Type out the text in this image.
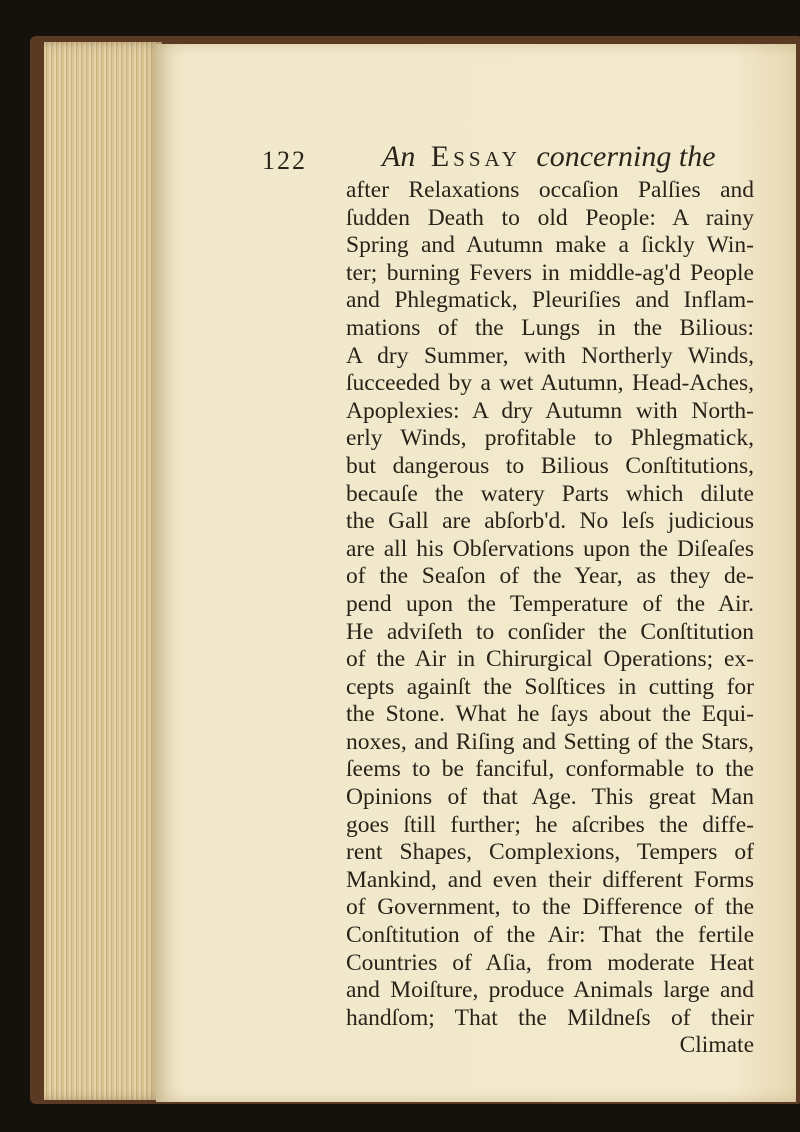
122	An Essay concerning the
after Relaxations occaſion Palſies and
ſudden Death to old People: A rainy
Spring and Autumn make a ſickly Win-
ter; burning Fevers in middle-ag'd People
and Phlegmatick, Pleuriſies and Inflam-
mations of the Lungs in the Bilious:
A dry Summer, with Northerly Winds,
ſucceeded by a wet Autumn, Head-Aches,
Apoplexies: A dry Autumn with North-
erly Winds, profitable to Phlegmatick,
but dangerous to Bilious Conſtitutions,
becauſe the watery Parts which dilute
the Gall are abſorb'd. No leſs judicious
are all his Obſervations upon the Diſeaſes
of the Seaſon of the Year, as they de-
pend upon the Temperature of the Air.
He adviſeth to conſider the Conſtitution
of the Air in Chirurgical Operations; ex-
cepts againſt the Solſtices in cutting for
the Stone. What he ſays about the Equi-
noxes, and Riſing and Setting of the Stars,
ſeems to be fanciful, conformable to the
Opinions of that Age. This great Man
goes ſtill further; he aſcribes the diffe-
rent Shapes, Complexions, Tempers of
Mankind, and even their different Forms
of Government, to the Difference of the
Conſtitution of the Air: That the fertile
Countries of Aſia, from moderate Heat
and Moiſture, produce Animals large and
handſom; That the Mildneſs of their
Climate
